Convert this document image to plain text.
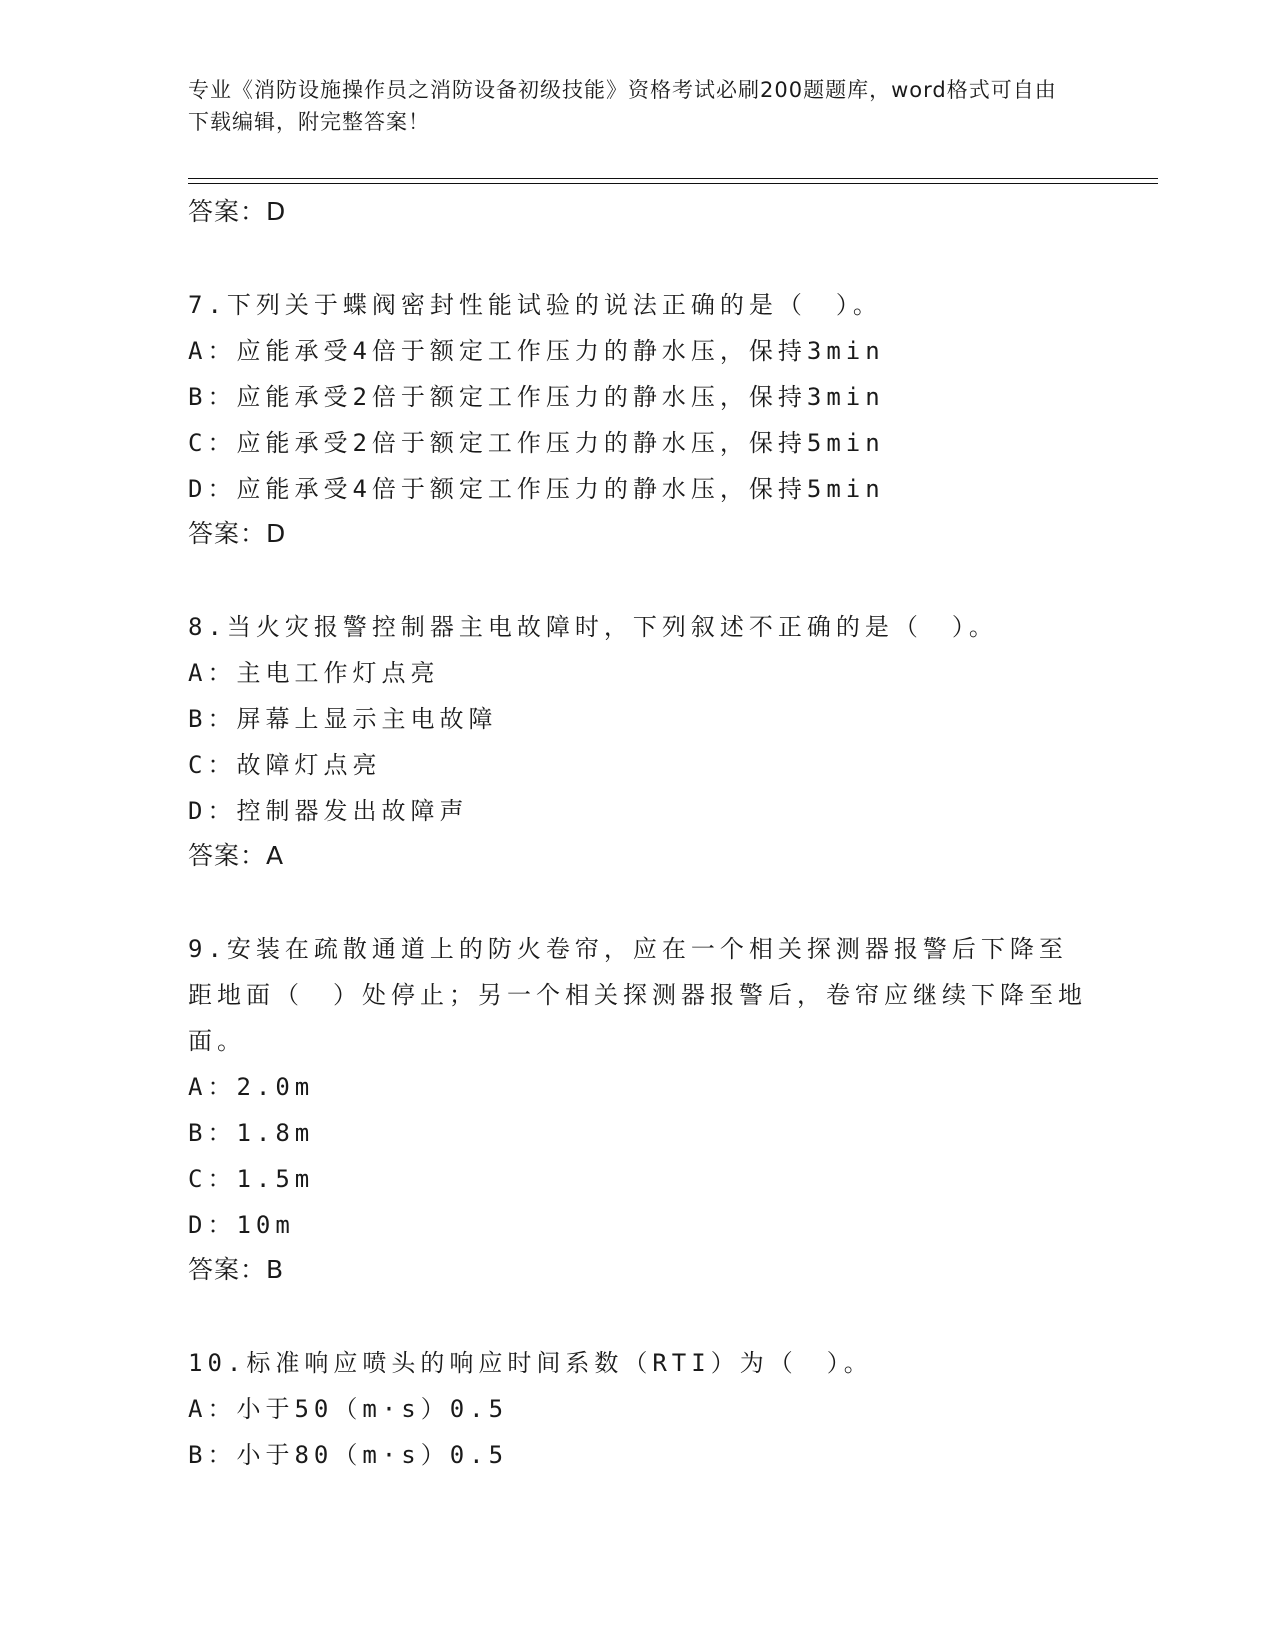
专业《消防设施操作员之消防设备初级技能》资格考试必刷200题题库，word格式可自由下载编辑，附完整答案！
答案：D
7.下列关于蝶阀密封性能试验的说法正确的是（　）。
A：应能承受4倍于额定工作压力的静水压，保持3min
B：应能承受2倍于额定工作压力的静水压，保持3min
C：应能承受2倍于额定工作压力的静水压，保持5min
D：应能承受4倍于额定工作压力的静水压，保持5min
答案：D
8.当火灾报警控制器主电故障时，下列叙述不正确的是（　）。
A：主电工作灯点亮
B：屏幕上显示主电故障
C：故障灯点亮
D：控制器发出故障声
答案：A
9.安装在疏散通道上的防火卷帘，应在一个相关探测器报警后下降至距地面（　）处停止；另一个相关探测器报警后，卷帘应继续下降至地面。
A：2.0m
B：1.8m
C：1.5m
D：10m
答案：B
10.标准响应喷头的响应时间系数（RTI）为（　）。
A：小于50（m·s）0.5
B：小于80（m·s）0.5
